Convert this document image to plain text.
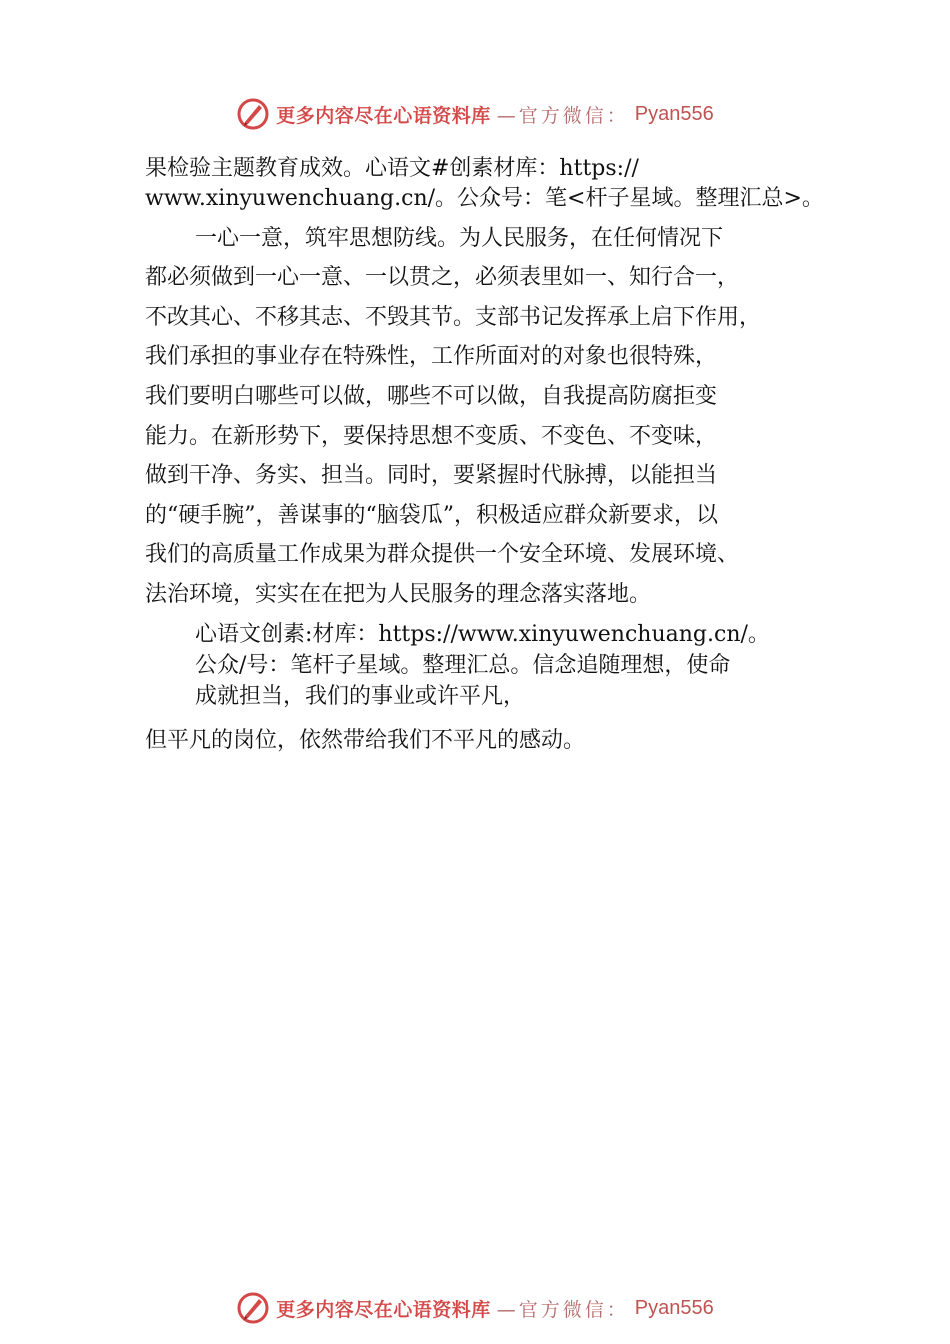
更多内容尽在心语资料库 —官方微信： Pyan556

果检验主题教育成效。心语文#创素材库：https://

www.xinyuwenchuang.cn/。公众号：笔<杆子星域。整理汇总>。

一心一意，筑牢思想防线。为人民服务，在任何情况下

都必须做到一心一意、一以贯之，必须表里如一、知行合一，

不改其心、不移其志、不毁其节。支部书记发挥承上启下作用，

我们承担的事业存在特殊性，工作所面对的对象也很特殊，

我们要明白哪些可以做，哪些不可以做，自我提高防腐拒变

能力。在新形势下，要保持思想不变质、不变色、不变味，

做到干净、务实、担当。同时，要紧握时代脉搏，以能担当

的“硬手腕”，善谋事的“脑袋瓜”，积极适应群众新要求，以

我们的高质量工作成果为群众提供一个安全环境、发展环境、

法治环境，实实在在把为人民服务的理念落实落地。

心语文创素:材库：https://www.xinyuwenchuang.cn/。

公众/号：笔杆子星域。整理汇总。信念追随理想，使命

成就担当，我们的事业或许平凡，

但平凡的岗位，依然带给我们不平凡的感动。

更多内容尽在心语资料库 —官方微信： Pyan556
